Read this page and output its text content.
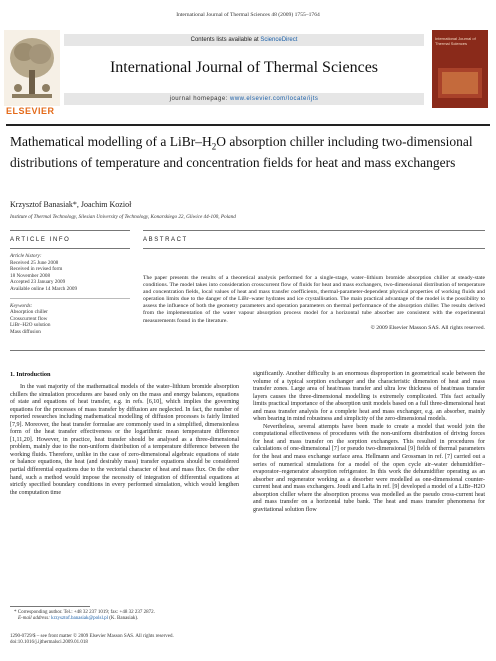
International Journal of Thermal Sciences 48 (2009) 1755–1764
ELSEVIER
Contents lists available at ScienceDirect
International Journal of Thermal Sciences
journal homepage: www.elsevier.com/locate/ijts
International Journal of Thermal Sciences
Mathematical modelling of a LiBr–$H_2O$ absorption chiller including two-dimensional distributions of temperature and concentration fields for heat and mass exchangers
Krzysztof Banasiak*, Joachim Kozioł
Institute of Thermal Technology, Silesian University of Technology, Konarskiego 22, Gliwice 44-100, Poland
ARTICLE INFO
Article history:
Received 25 June 2008
Received in revised form
18 November 2008
Accepted 23 January 2009
Available online 14 March 2009
Keywords:
Absorption chiller
Crosscurrent flow
LiBr–H2O solution
Mass diffusion
ABSTRACT
The paper presents the results of a theoretical analysis performed for a single-stage, water–lithium bromide absorption chiller at steady-state conditions. The model takes into consideration crosscurrent flow of fluids for heat and mass exchangers, two-dimensional distribution of temperature and concentration fields, local values of heat and mass transfer coefficients, thermal-parameter-dependent physical properties of working fluids and operation limits due to the danger of the LiBr–water hydrates and ice crystallisation. The main practical advantage of the model is the possibility to assess the influence of both the geometry parameters and operation parameters on thermal performance of the absorption chiller. The results derived from the implementation of the water vapour absorption process model for a horizontal tube absorber are consistent with the experimental measurements found in the literature.
© 2009 Elsevier Masson SAS. All rights reserved.
1. Introduction

In the vast majority of the mathematical models of the water–lithium bromide absorption chillers the simulation procedures are based only on the mass and energy balances, equations of state and equations of heat transfer, e.g. in refs. [6,10], which implies the governing equations for the processes of mass transfer by diffusion are neglected. In fact, the number of reported researches including mathematical modelling of diffusion processes is fairly limited [7,9]. Moreover, the heat transfer formulae are commonly used in a simplified, dimensionless form of the heat transfer effectiveness or the logarithmic mean temperature difference [1,11,20]. However, in practice, heat transfer should be analysed as a three-dimensional problem, mainly due to the non-uniform distribution of a temperature difference between the working fluids. Therefore, unlike in the case of zero-dimensional algebraic equations of state or balance equations, the heat (and desirably mass) transfer equations should be considered partial differential equations due to the vectorial character of heat and mass flux. On the other hand, such a method would impose the necessity of integration of differential equations at strictly specified boundary conditions in every performed simulation, which would lengthen the computation time

significantly. Another difficulty is an enormous disproportion in geometrical scale between the volume of a typical sorption exchanger and the characteristic dimension of heat and mass transfer zones. Large area of heat/mass transfer and ultra low thickness of heat/mass transfer layers causes the three-dimensional modelling is extremely complicated. This fact actually limits practical importance of the absorption unit models based on a full three-dimensional heat and mass transfer analysis for a complete heat and mass exchanger, e.g. an absorber, mainly when bearing in mind robustness and simplicity of the zero-dimensional models.

Nevertheless, several attempts have been made to create a model that would join the computational effectiveness of procedures with the non-uniform distribution of driving forces for heat and mass transfer on the sorption exchangers. This resulted in procedures for calculations of one-dimensional [7] or pseudo two-dimensional [9] fields of thermal parameters for the heat and mass exchange surface area. Hellmann and Grossman in ref. [7] carried out a series of numerical simulations for a model of the open cycle air–water dehumidifier–evaporator–regenerator absorption refrigerator. In this work the dehumidifier operating as an absorber and regenerator working as a desorber were modelled as one-dimensional counter-current heat and mass exchangers. Joudi and Lafta in ref. [9] developed a model of a LiBr–H2O absorption chiller where the absorption process was modelled as the pseudo cross-current heat and mass transfer on a horizontal tube bank. The heat and mass transfer phenomena for gravitational solution flow

* Corresponding author. Tel.: +48 32 237 1019; fax: +48 32 237 2872.
E-mail address: krzysztof.banasiak@polsl.pl (K. Banasiak).
1290-0729/$ – see front matter © 2009 Elsevier Masson SAS. All rights reserved.
doi:10.1016/j.ijthermalsci.2009.01.018
